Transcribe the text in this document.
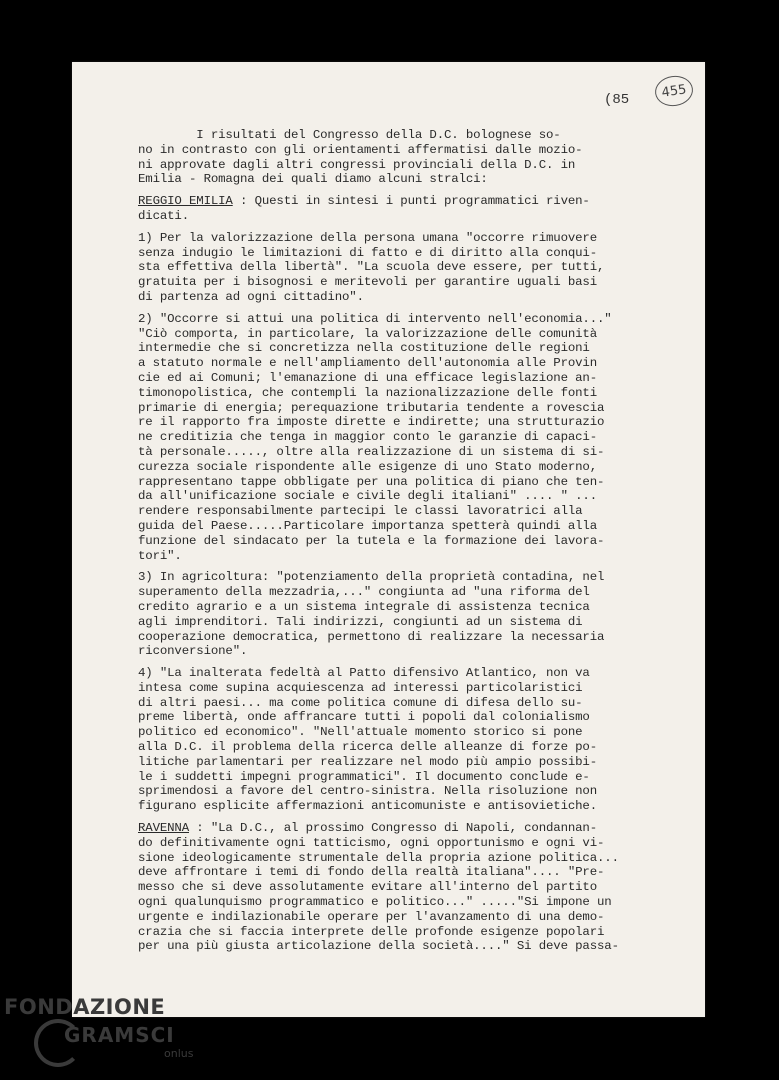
(85	455
I risultati del Congresso della D.C. bolognese so-
no in contrasto con gli orientamenti affermatisi dalle mozio-
ni approvate dagli altri congressi provinciali della D.C. in
Emilia - Romagna dei quali diamo alcuni stralci:
REGGIO EMILIA : Questi in sintesi i punti programmatici riven-
dicati.
1) Per la valorizzazione della persona umana "occorre rimuovere
senza indugio le limitazioni di fatto e di diritto alla conqui-
sta effettiva della libertà". "La scuola deve essere, per tutti,
gratuita per i bisognosi e meritevoli per garantire uguali basi
di partenza ad ogni cittadino".
2) "Occorre si attui una politica di intervento nell'economia..."
"Ciò comporta, in particolare, la valorizzazione delle comunità
intermedie che si concretizza nella costituzione delle regioni
a statuto normale e nell'ampliamento dell'autonomia alle Provin
cie ed ai Comuni; l'emanazione di una efficace legislazione an-
timonopolistica, che contempli la nazionalizzazione delle fonti
primarie di energia; perequazione tributaria tendente a rovescia
re il rapporto fra imposte dirette e indirette; una strutturazio
ne creditizia che tenga in maggior conto le garanzie di capaci-
tà personale....., oltre alla realizzazione di un sistema di si-
curezza sociale rispondente alle esigenze di uno Stato moderno,
rappresentano tappe obbligate per una politica di piano che ten-
da all'unificazione sociale e civile degli italiani" .... " ...
rendere responsabilmente partecipi le classi lavoratrici alla
guida del Paese.....Particolare importanza spetterà quindi alla
funzione del sindacato per la tutela e la formazione dei lavora-
tori".
3) In agricoltura: "potenziamento della proprietà contadina, nel
superamento della mezzadria,..." congiunta ad "una riforma del
credito agrario e a un sistema integrale di assistenza tecnica
agli imprenditori. Tali indirizzi, congiunti ad un sistema di
cooperazione democratica, permettono di realizzare la necessaria
riconversione".
4) "La inalterata fedeltà al Patto difensivo Atlantico, non va
intesa come supina acquiescenza ad interessi particolaristici
di altri paesi... ma come politica comune di difesa dello su-
preme libertà, onde affrancare tutti i popoli dal colonialismo
politico ed economico". "Nell'attuale momento storico si pone
alla D.C. il problema della ricerca delle alleanze di forze po-
litiche parlamentari per realizzare nel modo più ampio possibi-
le i suddetti impegni programmatici". Il documento conclude e-
sprimendosi a favore del centro-sinistra. Nella risoluzione non
figurano esplicite affermazioni anticomuniste e antisovietiche.
RAVENNA : "La D.C., al prossimo Congresso di Napoli, condannan-
do definitivamente ogni tatticismo, ogni opportunismo e ogni vi-
sione ideologicamente strumentale della propria azione politica...
deve affrontare i temi di fondo della realtà italiana".... "Pre-
messo che si deve assolutamente evitare all'interno del partito
ogni qualunquismo programmatico e politico..." ....."Si impone un
urgente e indilazionabile operare per l'avanzamento di una demo-
crazia che si faccia interprete delle profonde esigenze popolari
per una più giusta articolazione della società...." Si deve passa-
FONDAZIONE
GRAMSCI
onlus
